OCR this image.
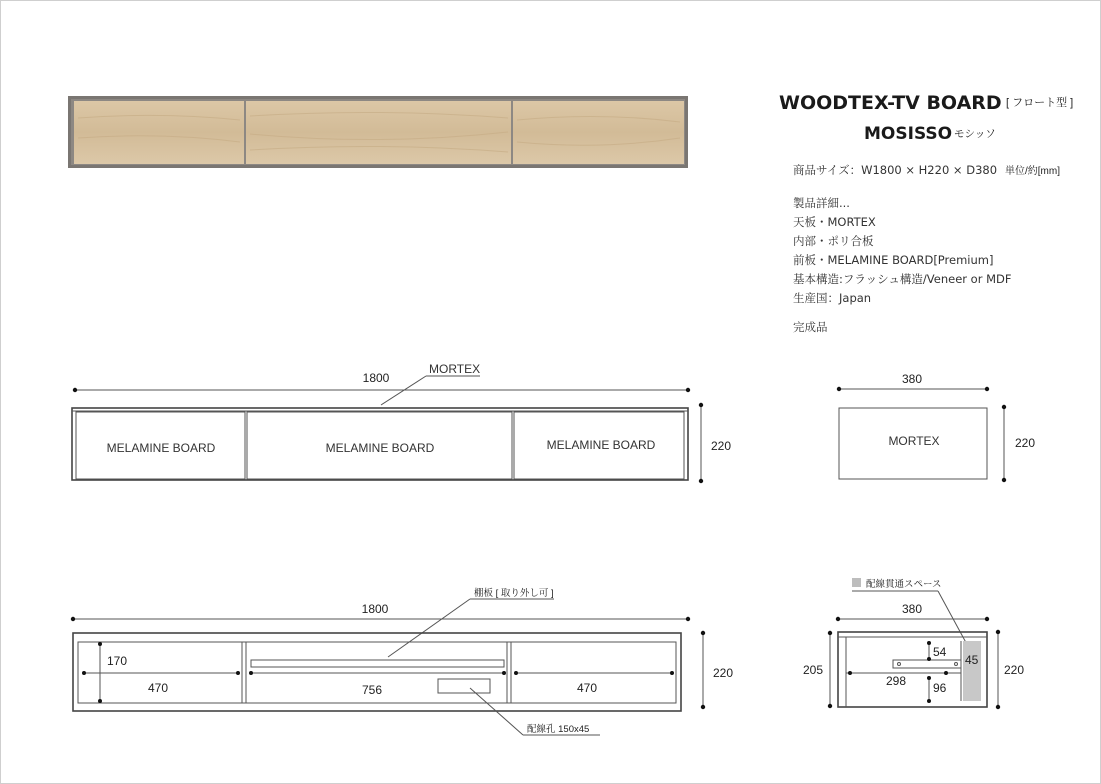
WOODTEX-TV BOARD [ フロート型 ]
MOSISSO モシッソ
商品サイズ：W1800 × H220 × D380 単位/約[mm]
製品詳細...
天板・MORTEX
内部・ポリ合板
前板・MELAMINE BOARD[Premium]
基本構造:フラッシュ構造/Veneer or MDF
生産国：Japan
完成品
1800
MORTEX
MELAMINE BOARD	MELAMINE BOARD	MELAMINE BOARD	220
380
MORTEX	220
1800
棚板 [ 取り外し可 ]
配線孔 150x45
170
470	756	470
220
配線貫通スペース
380
54
45
298 96
205	220
